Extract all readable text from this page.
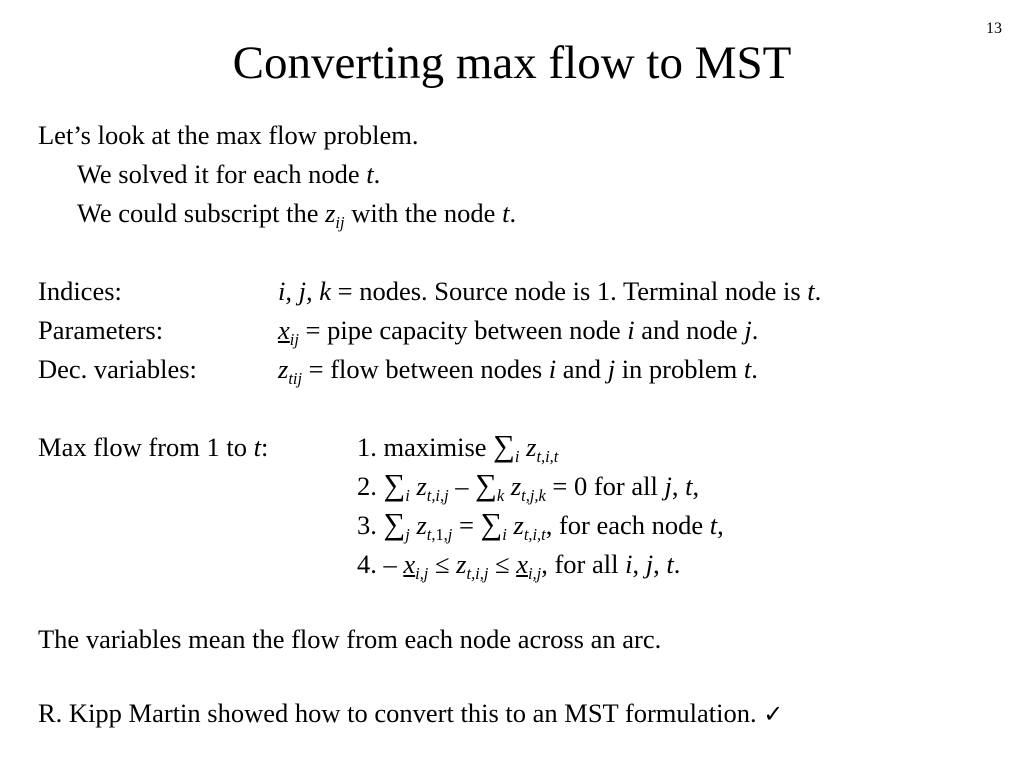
13
Converting max flow to MST
Let’s look at the max flow problem.
We solved it for each node t.
We could subscript the $z_{ij}$ with the node t.
Indices:	i, j, k = nodes. Source node is 1. Terminal node is t.
Parameters:	$x_{ij}$ = pipe capacity between node i and node j.
Dec. variables:	$z_{tij}$ = flow between nodes i and j in problem t.
Max flow from 1 to t:	1. maximise $\sum_i$ $z_{t,i,t}$
2. $\sum_i$ $z_{t,i,j} - \sum_k$ $z_{t,j,k} = 0$ for all j, t,
3. $\sum_j$ $z_{t,1,j} = \sum_i$ $z_{t,i,t}$, for each node t,
4. – $x_{i,j} \le z_{t,i,j} \le x_{i,j}$, for all i, j, t.
The variables mean the flow from each node across an arc.
R. Kipp Martin showed how to convert this to an MST formulation. ✓
